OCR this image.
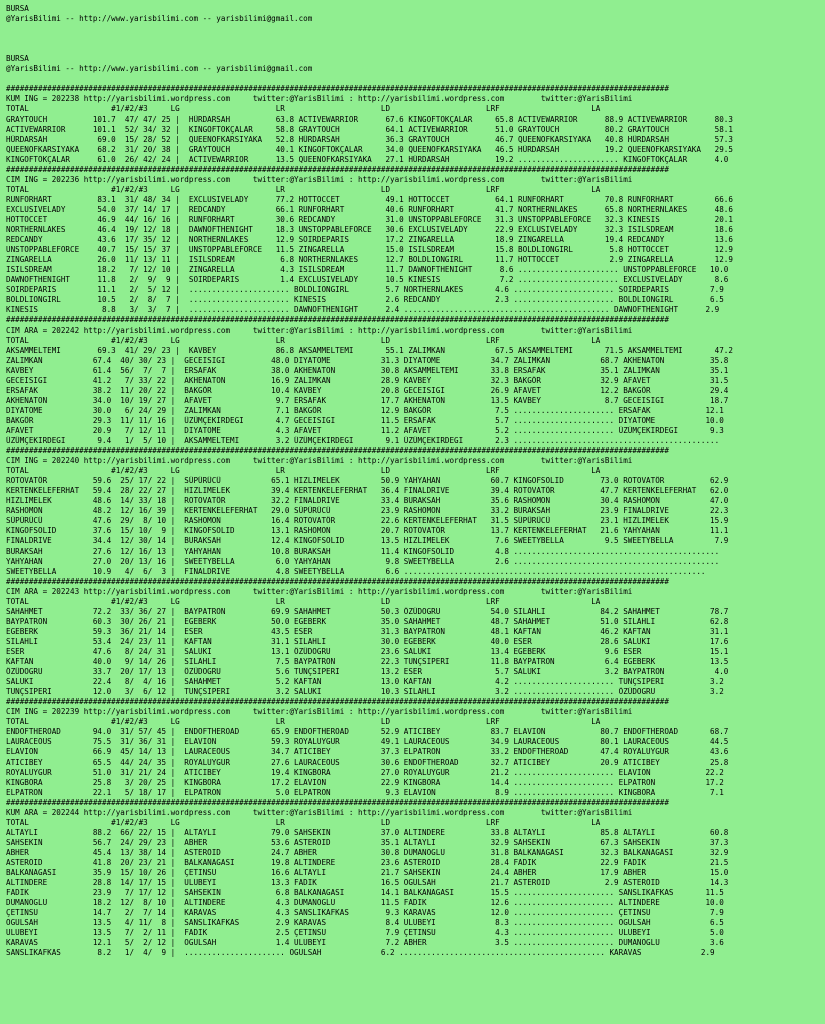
BURSA
@YarisBilimi -- http://www.yarisbilimi.com -- yarisbilimi@gmail.com

BURSA
@YarisBilimi -- http://www.yarisbilimi.com -- yarisbilimi@gmail.com

#################################################################################################################################################
KUM ING = 202238 http://yarisbilimi.wordpress.com     twitter:@YarisBilimi : http://yarisbilimi.wordpress.com        twitter:@YarisBilimi
TOTAL                  #1/#2/#3     LG                     LR                     LD                     LRF                    LA
GRAYTOUCH          101.7  47/ 47/ 25 |  HÜRDARSAH          63.8 ACTIVEWARRIOR      67.6 KINGOFTOKÇALAR     65.8 ACTIVEWARRIOR      88.9 ACTIVEWARRIOR      80.3
ACTIVEWARRIOR      101.1  52/ 34/ 32 |  KINGOFTOKÇALAR     58.8 GRAYTOUCH          64.1 ACTIVEWARRIOR      51.0 GRAYTOUCH          80.2 GRAYTOUCH          58.1
HÜRDARSAH           69.0  15/ 28/ 52 |  QUEENOFKARSIYAKA   52.8 HÜRDARSAH          36.3 GRAYTOUCH          46.7 QUEENOFKARSIYAKA   40.8 HÜRDARSAH          57.3
QUEENOFKARSIYAKA    68.2  31/ 20/ 38 |  GRAYTOUCH          40.1 KINGOFTOKÇALAR     34.0 QUEENOFKARSIYAKA   46.5 HÜRDARSAH          19.2 QUEENOFKARSIYAKA   29.5
KINGOFTOKÇALAR      61.0  26/ 42/ 24 |  ACTIVEWARRIOR      13.5 QUEENOFKARSIYAKA   27.1 HÜRDARSAH          19.2 ...................... KINGOFTOKÇALAR      4.0
#################################################################################################################################################
CIM ING = 202236 http://yarisbilimi.wordpress.com     twitter:@YarisBilimi : http://yarisbilimi.wordpress.com        twitter:@YarisBilimi
TOTAL                  #1/#2/#3     LG                     LR                     LD                     LRF                    LA
RUNFORHART          83.1  31/ 48/ 34 |  EXCLUSIVELADY      77.2 HOTTOCCET          49.1 HOTTOCCET          64.1 RUNFORHART         70.8 RUNFORHART         66.6
EXCLUSIVELADY       54.0  37/ 14/ 17 |  REDCANDY           66.1 RUNFORHART         40.6 RUNFORHART         41.7 NORTHERNLAKES      65.8 NORTHERNLAKES      48.6
HOTTOCCET           46.9  44/ 16/ 16 |  RUNFORHART         30.6 REDCANDY           31.0 UNSTOPPABLEFORCE   31.3 UNSTOPPABLEFORCE   32.3 KINESIS            20.1
NORTHERNLAKES       46.4  19/ 12/ 18 |  DAWNOFTHENIGHT     18.3 UNSTOPPABLEFORCE   30.6 EXCLUSIVELADY      22.9 EXCLUSIVELADY      32.3 ISILSDREAM         18.6
REDCANDY            43.6  17/ 35/ 12 |  NORTHERNLAKES      12.9 SOIRDEPARIS        17.2 ZINGARELLA         18.9 ZINGARELLA         19.4 REDCANDY           13.6
UNSTOPPABLEFORCE    40.7  15/ 15/ 37 |  UNSTOPPABLEFORCE   11.5 ZINGARELLA         15.0 ISILSDREAM         15.8 BOLDLIONGIRL        5.8 HOTTOCCET          12.9
ZINGARELLA          26.0  11/ 13/ 11 |  ISILSDREAM          6.8 NORTHERNLAKES      12.7 BOLDLIONGIRL       11.7 HOTTOCCET           2.9 ZINGARELLA         12.9
ISILSDREAM          18.2   7/ 12/ 10 |  ZINGARELLA          4.3 ISILSDREAM         11.7 DAWNOFTHENIGHT      8.6 ...................... UNSTOPPABLEFORCE   10.0
DAWNOFTHENIGHT      11.8   2/  9/  9 |  SOIRDEPARIS         1.4 EXCLUSIVELADY      10.5 KINESIS             7.2 ...................... EXCLUSIVELADY       8.6
SOIRDEPARIS         11.1   2/  5/ 12 |  ...................... BOLDLIONGIRL        5.7 NORTHERNLAKES       4.6 ...................... SOIRDEPARIS         7.9
BOLDLIONGIRL        10.5   2/  8/  7 |  ...................... KINESIS             2.6 REDCANDY            2.3 ...................... BOLDLIONGIRL        6.5
KINESIS              8.8   3/  3/  7 |  ...................... DAWNOFTHENIGHT      2.4 ............................................. DAWNOFTHENIGHT      2.9
#################################################################################################################################################
CIM ARA = 202242 http://yarisbilimi.wordpress.com     twitter:@YarisBilimi : http://yarisbilimi.wordpress.com        twitter:@YarisBilimi
TOTAL                  #1/#2/#3     LG                     LR                     LD                     LRF                    LA
AKSAMMELTEMI        69.3  41/ 29/ 23 |  KAVBEY             86.8 AKSAMMELTEMI       55.1 ZALIMKAN           67.5 AKSAMMELTEMI       71.5 AKSAMMELTEMI       47.2
ZALIMKAN           67.4  40/ 30/ 23 |  GECEISIGI          48.0 DIYATOME           31.3 DIYATOME           34.7 ZALIMKAN           68.7 AKHENATON          35.8
KAVBEY             61.4  56/  7/  7 |  ERSAFAK            38.0 AKHENATON          30.8 AKSAMMELTEMI       33.8 ERSAFAK            35.1 ZALIMKAN           35.1
GECEISIGI          41.2   7/ 33/ 22 |  AKHENATON          16.9 ZALIMKAN           28.9 KAVBEY             32.3 BAKGÖR             32.9 AFAVET             31.5
ERSAFAK            38.2  11/ 20/ 22 |  BAKGÖR             10.4 KAVBEY             20.8 GECEISIGI          26.9 AFAVET             12.2 BAKGÖR             29.4
AKHENATON          34.0  10/ 19/ 27 |  AFAVET              9.7 ERSAFAK            17.7 AKHENATON          13.5 KAVBEY              8.7 GECEISIGI          18.7
DIYATOME           30.0   6/ 24/ 29 |  ZALIMKAN            7.1 BAKGÖR             12.9 BAKGÖR              7.5 ...................... ERSAFAK            12.1
BAKGÖR             29.3  11/ 11/ 16 |  ÜZÜMÇEKIRDEGI       4.7 GECEISIGI          11.5 ERSAFAK             5.7 ...................... DIYATOME           10.0
AFAVET             20.9   7/ 12/ 11 |  DIYATOME            4.3 AFAVET             11.2 AFAVET              5.2 ...................... ÜZÜMÇEKIRDEGI       9.3
ÜZÜMÇEKIRDEGI       9.4   1/  5/ 10 |  AKSAMMELTEMI        3.2 ÜZÜMÇEKIRDEGI       9.1 ÜZÜMÇEKIRDEGI       2.3 .............................................
#################################################################################################################################################
CIM ING = 202240 http://yarisbilimi.wordpress.com     twitter:@YarisBilimi : http://yarisbilimi.wordpress.com        twitter:@YarisBilimi
TOTAL                  #1/#2/#3     LG                     LR                     LD                     LRF                    LA
ROTOVATÖR          59.6  25/ 17/ 22 |  SÜPÜRÜCÜ           65.1 HIZLIMELEK         50.9 YAHYAHAN           60.7 KINGOFSOLID        73.0 ROTOVATÖR          62.9
KERTENKELEFERHAT   59.4  28/ 22/ 27 |  HIZLIMELEK         39.4 KERTENKELEFERHAT   36.4 FINALDRIVE         39.4 ROTOVATÖR          47.7 KERTENKELEFERHAT   62.0
HIZLIMELEK         48.6  14/ 33/ 18 |  ROTOVATÖR          32.2 FINALDRIVE         33.4 BURAKSAH           35.6 RASHOMON           30.4 RASHOMON           47.0
RASHOMON           48.2  12/ 16/ 39 |  KERTENKELEFERHAT   29.0 SÜPÜRÜCÜ           23.9 RASHOMON           33.2 BURAKSAH           23.9 FINALDRIVE         22.3
SÜPÜRÜCÜ           47.6  29/  8/ 10 |  RASHOMON           16.4 ROTOVATÖR          22.6 KERTENKELEFERHAT   31.5 SÜPÜRÜCÜ           23.1 HIZLIMELEK         15.9
KINGOFSOLID        37.6  15/ 10/  9 |  KINGOFSOLID        13.1 RASHOMON           20.7 ROTOVATÖR          13.7 KERTENKELEFERHAT   21.6 YAHYAHAN           11.1
FINALDRIVE         34.4  12/ 30/ 14 |  BURAKSAH           12.4 KINGOFSOLID        13.5 HIZLIMELEK          7.6 SWEETYBELLA         9.5 SWEETYBELLA         7.9
BURAKSAH           27.6  12/ 16/ 13 |  YAHYAHAN           10.8 BURAKSAH           11.4 KINGOFSOLID         4.8 .............................................
YAHYAHAN           27.0  20/ 13/ 16 |  SWEETYBELLA         6.0 YAHYAHAN            9.8 SWEETYBELLA         2.6 .............................................
SWEETYBELLA        10.9   4/  6/  3 |  FINALDRIVE          4.8 SWEETYBELLA         6.6 ..................................................................
#################################################################################################################################################
CIM ARA = 202243 http://yarisbilimi.wordpress.com     twitter:@YarisBilimi : http://yarisbilimi.wordpress.com        twitter:@YarisBilimi
TOTAL                  #1/#2/#3     LG                     LR                     LD                     LRF                    LA
SAHAHMET           72.2  33/ 36/ 27 |  BAYPATRON          69.9 SAHAHMET           50.3 ÖZÜDOGRU           54.0 SILAHLI            84.2 SAHAHMET           78.7
BAYPATRON          60.3  30/ 26/ 21 |  EGEBERK            50.0 EGEBERK            35.0 SAHAHMET           48.7 SAHAHMET           51.0 SILAHLI            62.8
EGEBERK            59.3  36/ 21/ 14 |  ESER               43.5 ESER               31.3 BAYPATRON          48.1 KAFTAN             46.2 KAFTAN             31.1
SILAHLI            53.4  24/ 23/ 11 |  KAFTAN             31.1 SILAHLI            30.0 EGEBERK            40.0 ESER               28.6 SALUKI             17.6
ESER               47.6   8/ 24/ 31 |  SALUKI             13.1 ÖZÜDOGRU           23.6 SALUKI             13.4 EGEBERK             9.6 ESER               15.1
KAFTAN             40.0   9/ 14/ 26 |  SILAHLI             7.5 BAYPATRON          22.3 TUNÇSIPERI         11.8 BAYPATRON           6.4 EGEBERK            13.5
ÖZÜDOGRU           33.7  20/ 17/ 13 |  ÖZÜDOGRU            5.6 TUNÇSIPERI         13.2 ESER                5.7 SALUKI              3.2 BAYPATRON           4.0
SALUKI             22.4   8/  4/ 16 |  SAHAHMET            5.2 KAFTAN             13.0 KAFTAN              4.2 ...................... TUNÇSIPERI          3.2
TUNÇSIPERI         12.0   3/  6/ 12 |  TUNÇSIPERI          3.2 SALUKI             10.3 SILAHLI             3.2 ...................... ÖZÜDOGRU            3.2
#################################################################################################################################################
CIM ING = 202239 http://yarisbilimi.wordpress.com     twitter:@YarisBilimi : http://yarisbilimi.wordpress.com        twitter:@YarisBilimi
TOTAL                  #1/#2/#3     LG                     LR                     LD                     LRF                    LA
ENDOFTHEROAD       94.0  31/ 57/ 45 |  ENDOFTHEROAD       65.9 ENDOFTHEROAD       52.9 ATICIBEY           83.7 ELAVION            80.7 ENDOFTHEROAD       68.7
LAURACEOUS         75.5  31/ 36/ 31 |  ELAVION            59.3 ROYALUYGUR         49.1 LAURACEOUS         34.9 LAURACEOUS         80.1 LAURACEOUS         44.5
ELAVION            66.9  45/ 14/ 13 |  LAURACEOUS         34.7 ATICIBEY           37.3 ELPATRON           33.2 ENDOFTHEROAD       47.4 ROYALUYGUR         43.6
ATICIBEY           65.5  44/ 24/ 35 |  ROYALUYGUR         27.6 LAURACEOUS         30.6 ENDOFTHEROAD       32.7 ATICIBEY           20.9 ATICIBEY           25.8
ROYALUYGUR         51.0  31/ 21/ 24 |  ATICIBEY           19.4 KINGBORA           27.0 ROYALUYGUR         21.2 ...................... ELAVION            22.2
KINGBORA           25.8   3/ 20/ 25 |  KINGBORA           17.2 ELAVION            22.9 KINGBORA           14.4 ...................... ELPATRON           17.2
ELPATRON           22.1   5/ 18/ 17 |  ELPATRON            5.0 ELPATRON            9.3 ELAVION             8.9 ...................... KINGBORA            7.1
#################################################################################################################################################
KUM ARA = 202244 http://yarisbilimi.wordpress.com     twitter:@YarisBilimi : http://yarisbilimi.wordpress.com        twitter:@YarisBilimi
TOTAL                  #1/#2/#3     LG                     LR                     LD                     LRF                    LA
ALTAYLI            88.2  66/ 22/ 15 |  ALTAYLI            79.0 SAHSEKIN           37.0 ALTINDERE          33.8 ALTAYLI            85.8 ALTAYLI            60.8
SAHSEKIN           56.7  24/ 29/ 23 |  ABHER              53.6 ASTEROID           35.1 ALTAYLI            32.9 SAHSEKIN           67.3 SAHSEKIN           37.3
ABHER              45.4  13/ 38/ 14 |  ASTEROID           24.7 ABHER              30.8 DUMANOGLU          31.8 BALKANAGASI        32.3 BALKANAGASI        32.9
ASTEROID           41.8  20/ 23/ 21 |  BALKANAGASI        19.8 ALTINDERE          23.6 ASTEROID           28.4 FADIK              22.9 FADIK              21.5
BALKANAGASI        35.9  15/ 10/ 26 |  ÇETINSU            16.6 ALTAYLI            21.7 SAHSEKIN           24.4 ABHER              17.9 ABHER              15.0
ALTINDERE          28.8  14/ 17/ 15 |  ULUBEYI            13.3 FADIK              16.5 OGULSAH            21.7 ASTEROID            2.9 ASTEROID           14.3
FADIK              23.9   7/ 17/ 12 |  SAHSEKIN            6.8 BALKANAGASI        14.1 BALKANAGASI        15.5 ...................... SANSLIKAFKAS       11.5
DUMANOGLU          18.2  12/  8/ 10 |  ALTINDERE           4.3 DUMANOGLU          11.5 FADIK              12.6 ...................... ALTINDERE          10.0
ÇETINSU            14.7   2/  7/ 14 |  KARAVAS             4.3 SANSLIKAFKAS        9.3 KARAVAS            12.0 ...................... ÇETINSU             7.9
OGULSAH            13.5   4/ 11/  8 |  SANSLIKAFKAS        2.9 KARAVAS             8.4 ULUBEYI             8.3 ...................... OGULSAH             6.5
ULUBEYI            13.5   7/  2/ 11 |  FADIK               2.5 ÇETINSU             7.9 ÇETINSU             4.3 ...................... ULUBEYI             5.0
KARAVAS            12.1   5/  2/ 12 |  OGULSAH             1.4 ULUBEYI             7.2 ABHER               3.5 ...................... DUMANOGLU           3.6
SANSLIKAFKAS        8.2   1/  4/  9 |  ...................... OGULSAH             6.2 ............................................. KARAVAS             2.9
